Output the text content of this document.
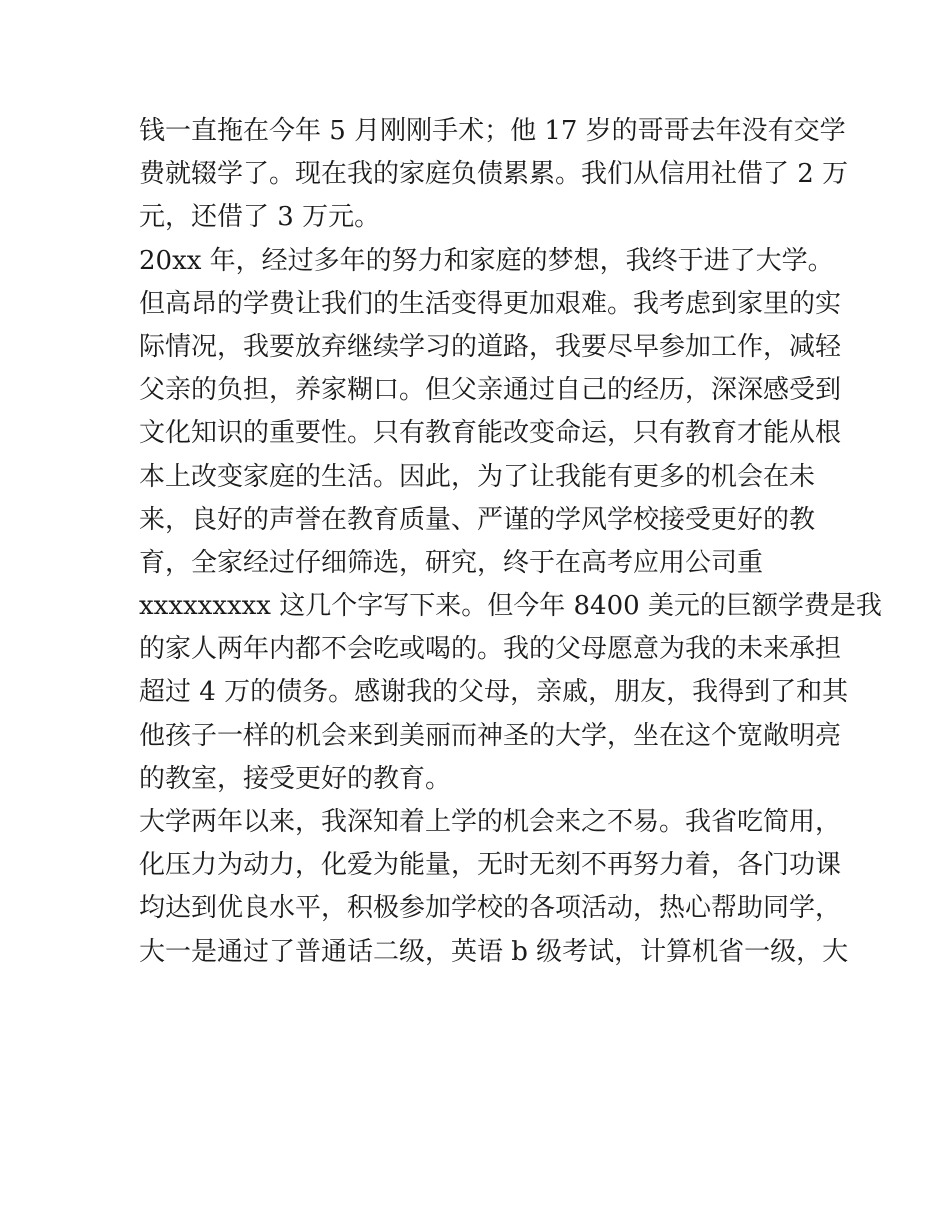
钱一直拖在今年 5 月刚刚手术；他 17 岁的哥哥去年没有交学
费就辍学了。现在我的家庭负债累累。我们从信用社借了 2 万
元，还借了 3 万元。
20xx 年，经过多年的努力和家庭的梦想，我终于进了大学。
但高昂的学费让我们的生活变得更加艰难。我考虑到家里的实
际情况，我要放弃继续学习的道路，我要尽早参加工作，减轻
父亲的负担，养家糊口。但父亲通过自己的经历，深深感受到
文化知识的重要性。只有教育能改变命运，只有教育才能从根
本上改变家庭的生活。因此，为了让我能有更多的机会在未
来，良好的声誉在教育质量、严谨的学风学校接受更好的教
育，全家经过仔细筛选，研究，终于在高考应用公司重
xxxxxxxxx 这几个字写下来。但今年 8400 美元的巨额学费是我
的家人两年内都不会吃或喝的。我的父母愿意为我的未来承担
超过 4 万的债务。感谢我的父母，亲戚，朋友，我得到了和其
他孩子一样的机会来到美丽而神圣的大学，坐在这个宽敞明亮
的教室，接受更好的教育。
大学两年以来，我深知着上学的机会来之不易。我省吃简用，
化压力为动力，化爱为能量，无时无刻不再努力着，各门功课
均达到优良水平，积极参加学校的各项活动，热心帮助同学，
大一是通过了普通话二级，英语 b 级考试，计算机省一级，大
